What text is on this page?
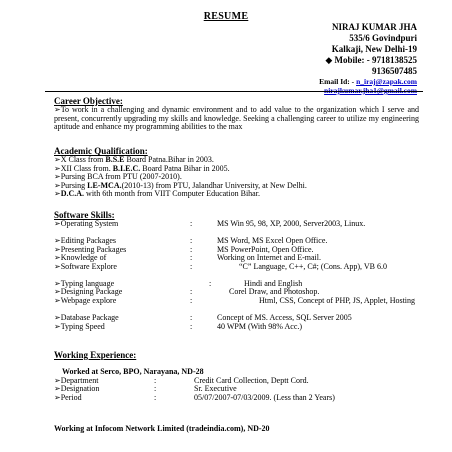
RESUME
NIRAJ KUMAR JHA
535/6 Govindpuri
Kalkaji, New Delhi-19
◆ Mobile: - 9718138525
9136507485
Email Id: - n_iraj@zapak.com
nirajkumar.jha1@gmail.com
Career Objective:
➢To work in a challenging and dynamic environment and to add value to the organization which I serve and present, concurrently upgrading my skills and knowledge. Seeking a challenging career to utilize my engineering aptitude and enhance my programming abilities to the max
Academic Qualification:
➢X Class from B.S.E Board Patna.Bihar in 2003.
➢XII Class from. B.I.E.C. Board Patna Bihar in 2005.
➢Pursing BCA from PTU (2007-2010).
➢Pursing LE-MCA.(2010-13) from PTU, Jalandhar University, at New Delhi.
➢D.C.A. with 6th month from VIIT Computer Education Bihar.
Software Skills:
➢Operating System	:	MS Win 95, 98, XP, 2000, Server2003, Linux.
➢Editing Packages	:	MS Word, MS Excel Open Office.
➢Presenting Packages	:	MS PowerPoint, Open Office.
➢Knowledge of	:	Working on Internet and E-mail.
➢Software Explore	:	“C” Language, C++, C#; (Cons. App), VB 6.0
➢Typing language	:	Hindi and English
➢Designing Package	:	Corel Draw, and Photoshop.
➢Webpage explore	:	Html, CSS, Concept of PHP, JS, Applet, Hosting
➢Database Package	:	Concept of MS. Access, SQL Server 2005
➢Typing Speed	:	40 WPM (With 98% Acc.)
Working Experience:
Worked at Serco, BPO, Narayana, ND-28
➢Department	:	Credit Card Collection, Deptt Cord.
➢Designation	:	Sr. Executive
➢Period	:	05/07/2007-07/03/2009. (Less than 2 Years)
Working at Infocom Network Limited (tradeindia.com), ND-20
